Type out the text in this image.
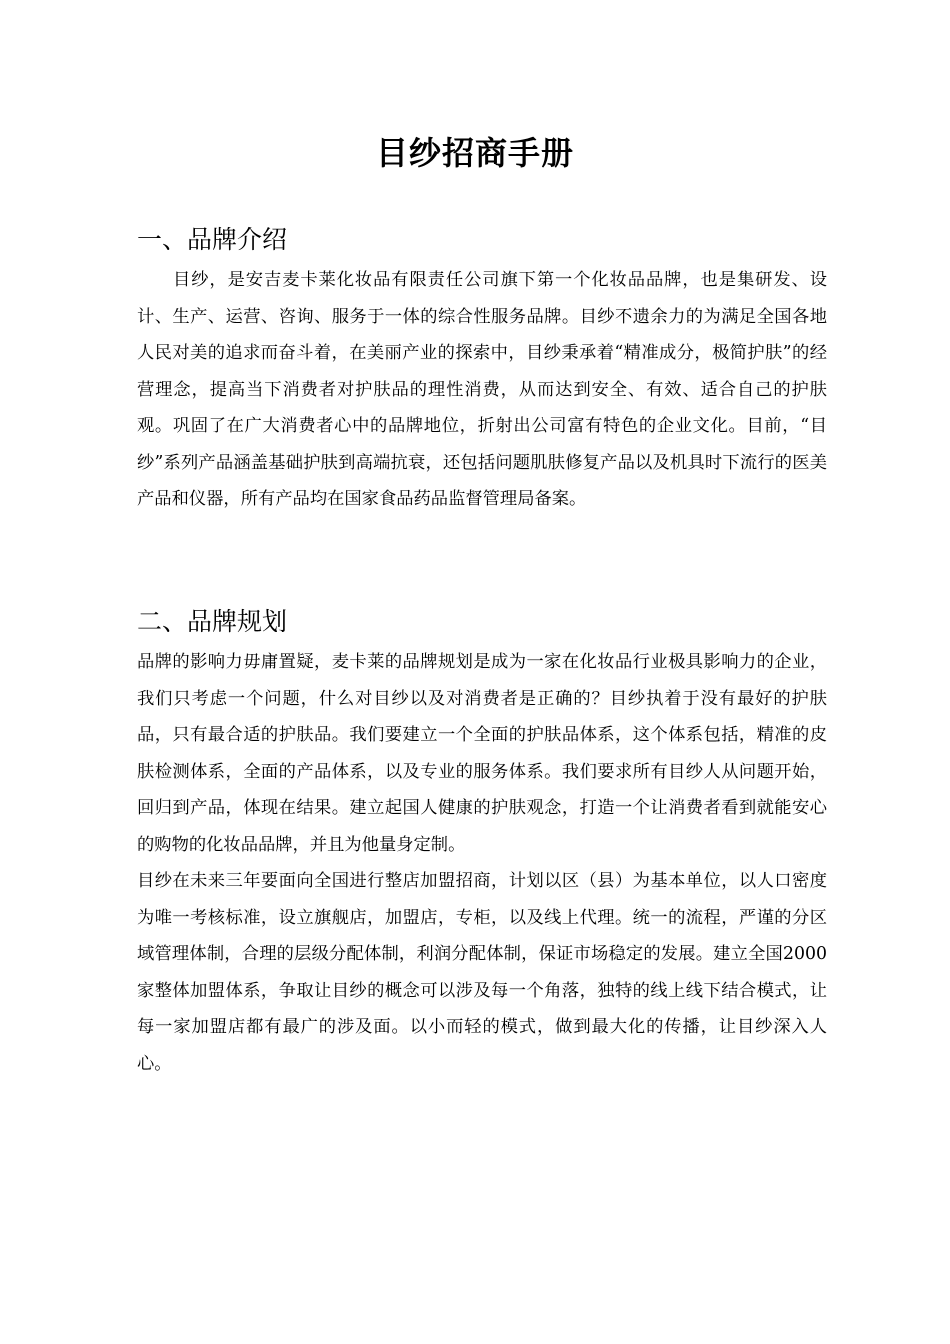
目纱招商手册
一、品牌介绍

目纱，是安吉麦卡莱化妆品有限责任公司旗下第一个化妆品品牌，也是集研发、设计、生产、运营、咨询、服务于一体的综合性服务品牌。目纱不遗余力的为满足全国各地人民对美的追求而奋斗着，在美丽产业的探索中，目纱秉承着“精准成分，极简护肤”的经营理念，提高当下消费者对护肤品的理性消费，从而达到安全、有效、适合自己的护肤观。巩固了在广大消费者心中的品牌地位，折射出公司富有特色的企业文化。目前，“目纱”系列产品涵盖基础护肤到高端抗衰，还包括问题肌肤修复产品以及机具时下流行的医美产品和仪器，所有产品均在国家食品药品监督管理局备案。

二、品牌规划

品牌的影响力毋庸置疑，麦卡莱的品牌规划是成为一家在化妆品行业极具影响力的企业，我们只考虑一个问题，什么对目纱以及对消费者是正确的？目纱执着于没有最好的护肤品，只有最合适的护肤品。我们要建立一个全面的护肤品体系，这个体系包括，精准的皮肤检测体系，全面的产品体系，以及专业的服务体系。我们要求所有目纱人从问题开始，回归到产品，体现在结果。建立起国人健康的护肤观念，打造一个让消费者看到就能安心的购物的化妆品品牌，并且为他量身定制。

目纱在未来三年要面向全国进行整店加盟招商，计划以区（县）为基本单位，以人口密度为唯一考核标准，设立旗舰店，加盟店，专柜，以及线上代理。统一的流程，严谨的分区域管理体制，合理的层级分配体制，利润分配体制，保证市场稳定的发展。建立全国2000家整体加盟体系，争取让目纱的概念可以涉及每一个角落，独特的线上线下结合模式，让每一家加盟店都有最广的涉及面。以小而轻的模式，做到最大化的传播，让目纱深入人心。
